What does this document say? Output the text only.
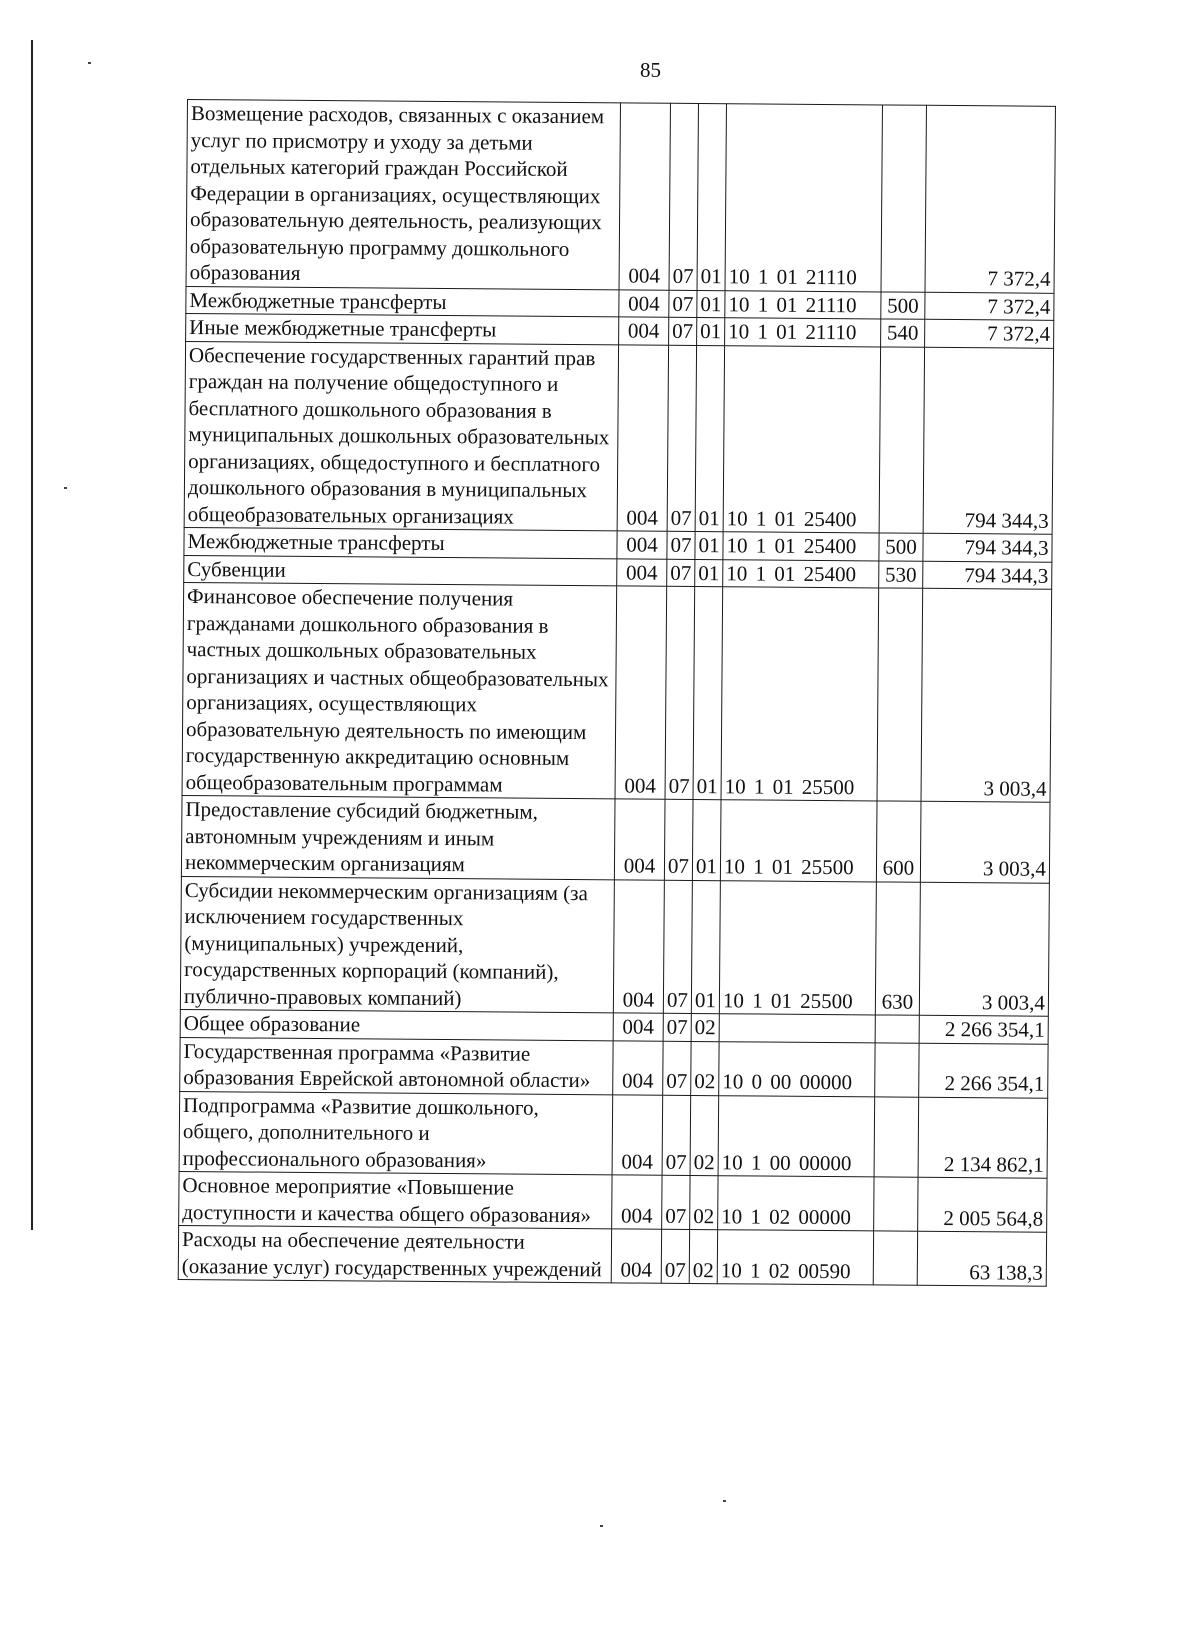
85
Возмещение расходов, связанных с оказанием услуг по присмотру и уходу за детьми отдельных категорий граждан Российской Федерации в организациях, осуществляющих образовательную деятельность, реализующих образовательную программу дошкольного образования	004	07	01	10 1 01 21110		7 372,4
Межбюджетные трансферты	004	07	01	10 1 01 21110	500	7 372,4
Иные межбюджетные трансферты	004	07	01	10 1 01 21110	540	7 372,4
Обеспечение государственных гарантий прав граждан на получение общедоступного и бесплатного дошкольного образования в муниципальных дошкольных образовательных организациях, общедоступного и бесплатного дошкольного образования в муниципальных общеобразовательных организациях	004	07	01	10 1 01 25400		794 344,3
Межбюджетные трансферты	004	07	01	10 1 01 25400	500	794 344,3
Субвенции	004	07	01	10 1 01 25400	530	794 344,3
Финансовое обеспечение получения гражданами дошкольного образования в частных дошкольных образовательных организациях и частных общеобразовательных организациях, осуществляющих образовательную деятельность по имеющим государственную аккредитацию основным общеобразовательным программам	004	07	01	10 1 01 25500		3 003,4
Предоставление субсидий бюджетным, автономным учреждениям и иным некоммерческим организациям	004	07	01	10 1 01 25500	600	3 003,4
Субсидии некоммерческим организациям (за исключением государственных (муниципальных) учреждений, государственных корпораций (компаний), публично-правовых компаний)	004	07	01	10 1 01 25500	630	3 003,4
Общее образование	004	07	02			2 266 354,1
Государственная программа «Развитие образования Еврейской автономной области»	004	07	02	10 0 00 00000		2 266 354,1
Подпрограмма «Развитие дошкольного, общего, дополнительного и профессионального образования»	004	07	02	10 1 00 00000		2 134 862,1
Основное мероприятие «Повышение доступности и качества общего образования»	004	07	02	10 1 02 00000		2 005 564,8
Расходы на обеспечение деятельности (оказание услуг) государственных учреждений	004	07	02	10 1 02 00590		63 138,3
